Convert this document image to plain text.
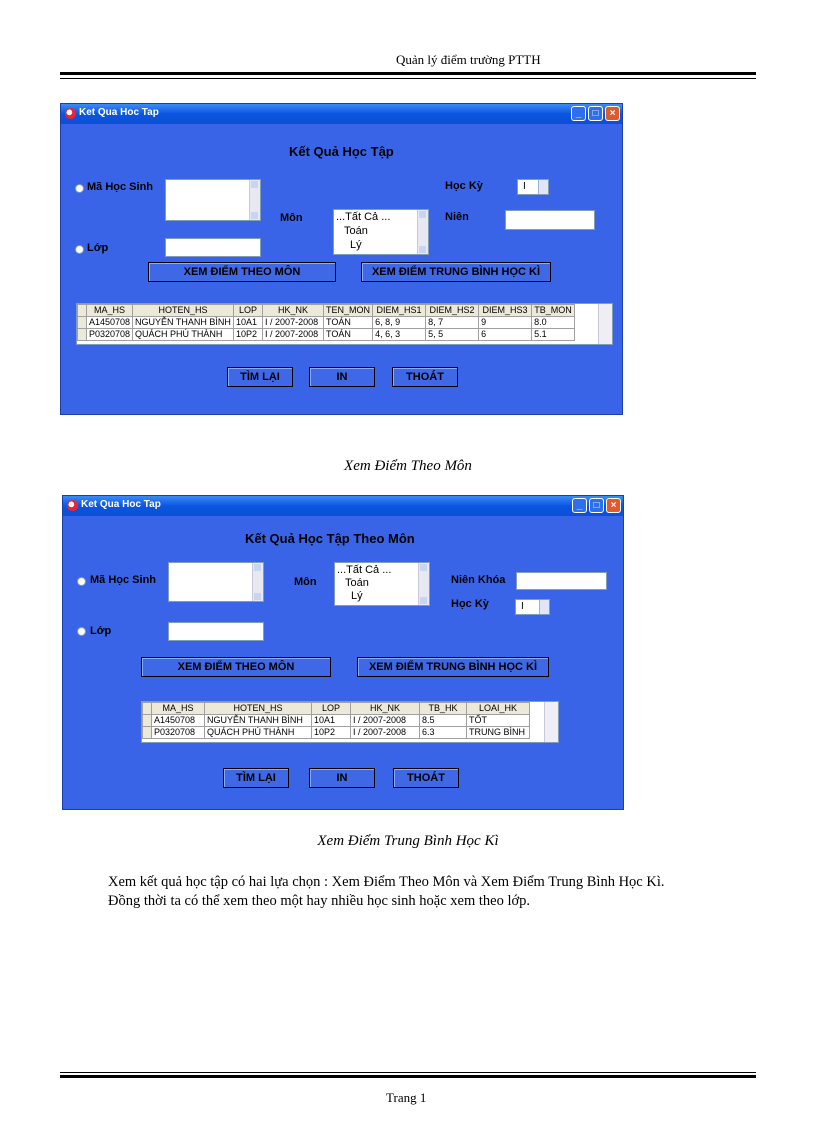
Quản lý điểm trường PTTH
Ket Qua Hoc Tap	_	□	×
Kết Quả Học Tập
Mã Học Sinh
Lớp
Môn	...Tất Cả ...
Toán
Lý
Học Kỳ	I
Niên
XEM ĐIỂM THEO MÔN	XEM ĐIỂM TRUNG BÌNH HỌC KÌ
	MA_HS	HOTEN_HS	LOP	HK_NK	TEN_MON	DIEM_HS1	DIEM_HS2	DIEM_HS3	TB_MON
	A1450708	NGUYỄN THANH BÌNH	10A1	I / 2007-2008	TOÁN	6, 8, 9	8, 7	9	8.0
	P0320708	QUÁCH PHÚ THÀNH	10P2	I / 2007-2008	TOÁN	4, 6, 3	5, 5	6	5.1
TÌM LẠI	IN	THOÁT
Xem Điểm Theo Môn
Ket Qua Hoc Tap	_	□	×
Kết Quả Học Tập Theo Môn
Mã Học Sinh
Lớp
Môn
...Tất Cả ...
Toán
Lý
Niên Khóa
Học Kỳ	I
XEM ĐIỂM THEO MÔN	XEM ĐIỂM TRUNG BÌNH HỌC KÌ
	MA_HS	HOTEN_HS	LOP	HK_NK	TB_HK	LOAI_HK
	A1450708	NGUYỄN THANH BÌNH	10A1	I / 2007-2008	8.5	TỐT
	P0320708	QUÁCH PHÚ THÀNH	10P2	I / 2007-2008	6.3	TRUNG BÌNH
TÌM LẠI	IN	THOÁT
Xem Điểm Trung Bình Học Kì
Xem kết quả học tập có hai lựa chọn : Xem Điểm Theo Môn và Xem Điểm Trung Bình Học Kì.
Đồng thời ta có thể xem theo một hay nhiều học sinh hoặc xem theo lớp.
Trang 1
